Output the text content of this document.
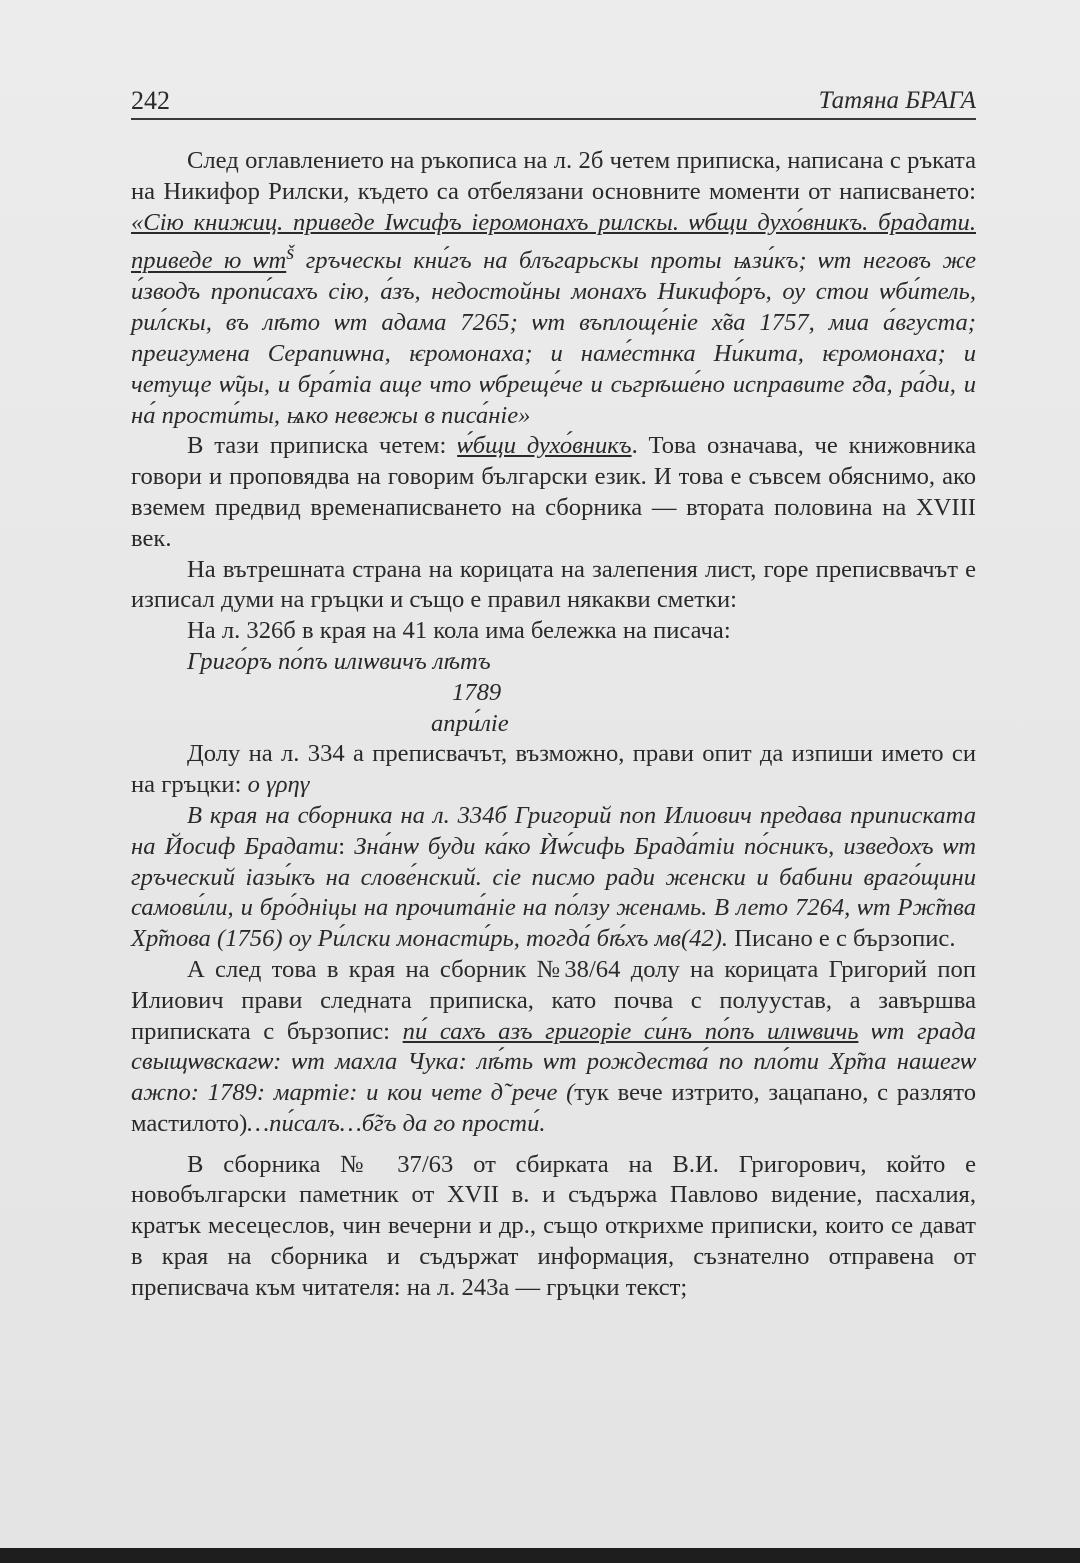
242	Татяна БРАГА

След оглавлението на ръкописа на л. 2б четем приписка, написана с ръката на Никифор Рилски, където са отбелязани основните моменти от написването: «Сію книжиц. приведе Іѡсифъ іеромонахъ рилскы. ѡбщи духо́вникъ. брадати. приведе ю $ѡт^š$ гръческы кни́гъ на блъгарьскы проты ѩзи́къ; ѡт неговъ же и́зводъ пропи́сахъ сію, а́зъ, недостойны монахъ Никифо́ръ, оу стои ѡби́тель, рил́скы, въ лѣто ѡт адама 7265; ѡт въплоще́ніе х̃ва 1757, миа а́вгуста; преигумена Серапиѡна, ѥромонаха; и наме́стнка Ни́кита, ѥромонаха; и четуще ѡ̃цы, и бра́тіа аще что ѡбреще́че и сьгрѣше́но исправите г̃да, ра́ди, и на́ прости́ты, ѩко невежы в писа́ніе»

В тази приписка четем: ѡ́бщи духо́вникъ. Това означава, че книжовника говори и проповядва на говорим български език. И това е съвсем обяснимо, ако вземем предвид временаписването на сборника — втората половина на XVIII век.

На вътрешната страна на корицата на залепения лист, горе преписввачът е изписал думи на гръцки и също е правил някакви сметки:

На л. 326б в края на 41 кола има бележка на писача:

Григо́ръ по́пъ илıѡвичъ лѣтъ

1789

апри́ліе

Долу на л. 334 а преписвачът, възможно, прави опит да изпиши името си на гръцки: ο γρηγ

В края на сборника на л. 334б Григорий поп Илиович предава приписката на Йосиф Брадати: Зна́нѡ буди ка́ко Ѝѡ́сифь Брада́тіи по́сникъ, изведохъ ѡт гръческий іазы́къ на слове́нский. сіе писмо ради женски и бабини враго́щини самови́ли, и бро́дніцы на прочита́ніе на по́лзу женамь. В лето 7264, ѡт Рж̃тва Хр̃това (1756) оу Ри́лски монасти́рь, тогда́ бѣ́хъ мв(42). Писано е с бързопис.

А след това в края на сборник №38/64 долу на корицата Григорий поп Илиович прави следната приписка, като почва с полуустав, а завършва приписката с бързопис: пи́ сахъ азъ григоріе си́нъ по́пъ илıѡвичь ѡт града свыщѡвскагѡ: ѡт махла Чука: лѣ́ть ѡт рождества́ по пло́ти Хр̃та нашегѡ ажпо: 1789: мартіе: и кои чете д̃ рече (тук вече изтрито, зацапано, с разлято мастилото)…пи́салъ…б̃гъ да го прости́.

В сборника № 37/63 от сбирката на В.И. Григорович, който е новобългарски паметник от XVII в. и съдържа Павлово видение, пасхалия, кратък месецеслов, чин вечерни и др., също открихме приписки, които се дават в края на сборника и съдържат информация, съзнателно отправена от преписвача към читателя: на л. 243а — гръцки текст;
